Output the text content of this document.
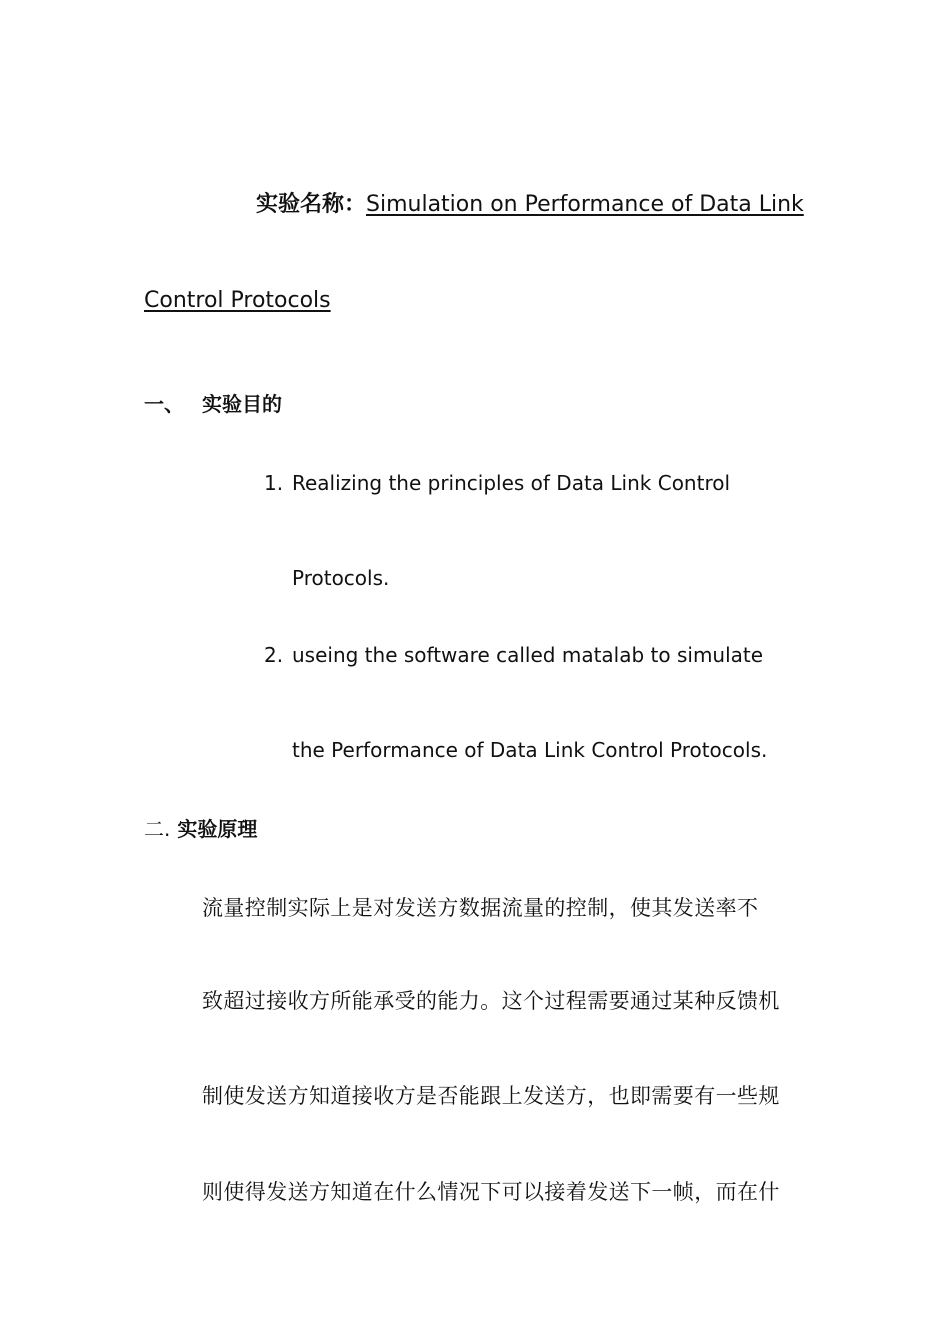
实验名称：Simulation on Performance of Data Link
Control Protocols
一、 实验目的
1. Realizing the principles of Data Link Control
Protocols.
2. useing the software called matalab to simulate
the Performance of Data Link Control Protocols.
二. 实验原理
流量控制实际上是对发送方数据流量的控制，使其发送率不
致超过接收方所能承受的能力。这个过程需要通过某种反馈机
制使发送方知道接收方是否能跟上发送方，也即需要有一些规
则使得发送方知道在什么情况下可以接着发送下一帧，而在什
